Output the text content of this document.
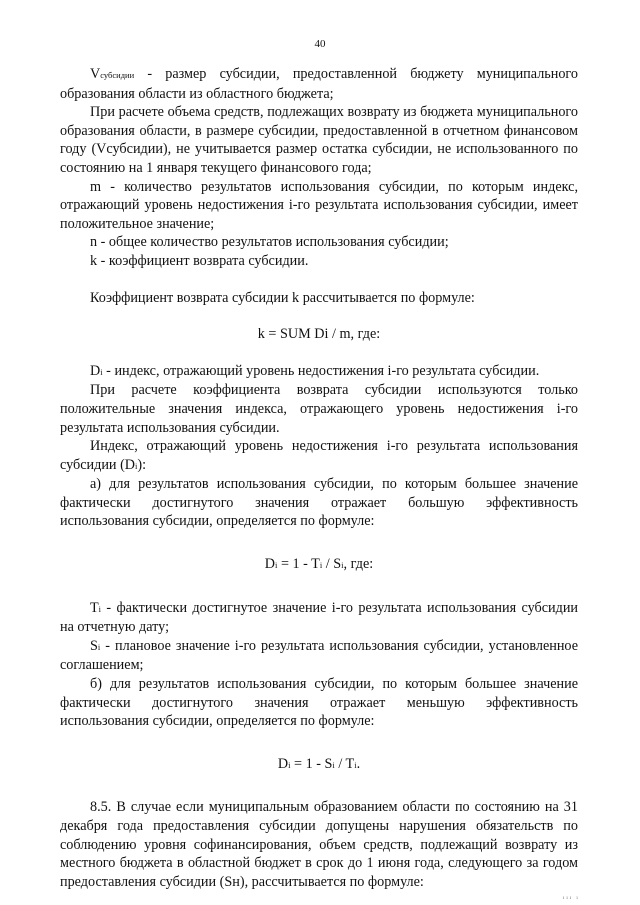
40

Vсубсидии - размер субсидии, предоставленной бюджету муниципального образования области из областного бюджета;

При расчете объема средств, подлежащих возврату из бюджета муниципального образования области, в размере субсидии, предоставленной в отчетном финансовом году (Vсубсидии), не учитывается размер остатка субсидии, не использованного по состоянию на 1 января текущего финансового года;

m - количество результатов использования субсидии, по которым индекс, отражающий уровень недостижения i-го результата использования субсидии, имеет положительное значение;

n - общее количество результатов использования субсидии;

k - коэффициент возврата субсидии.

Коэффициент возврата субсидии k рассчитывается по формуле:

k = SUM Di / m, где:

Di - индекс, отражающий уровень недостижения i-го результата субсидии.

При расчете коэффициента возврата субсидии используются только положительные значения индекса, отражающего уровень недостижения i-го результата использования субсидии.

Индекс, отражающий уровень недостижения i-го результата использования субсидии (Di):

а) для результатов использования субсидии, по которым большее значение фактически достигнутого значения отражает большую эффективность использования субсидии, определяется по формуле:

Di = 1 - Ti / Si, где:

Ti - фактически достигнутое значение i-го результата использования субсидии на отчетную дату;

Si - плановое значение i-го результата использования субсидии, установленное соглашением;

б) для результатов использования субсидии, по которым большее значение фактически достигнутого значения отражает меньшую эффективность использования субсидии, определяется по формуле:

Di = 1 - Si / Ti.

8.5. В случае если муниципальным образованием области по состоянию на 31 декабря года предоставления субсидии допущены нарушения обязательств по соблюдению уровня софинансирования, объем средств, подлежащий возврату из местного бюджета в областной бюджет в срок до 1 июня года, следующего за годом предоставления субсидии (Sн), рассчитывается по формуле:

ııı ı
